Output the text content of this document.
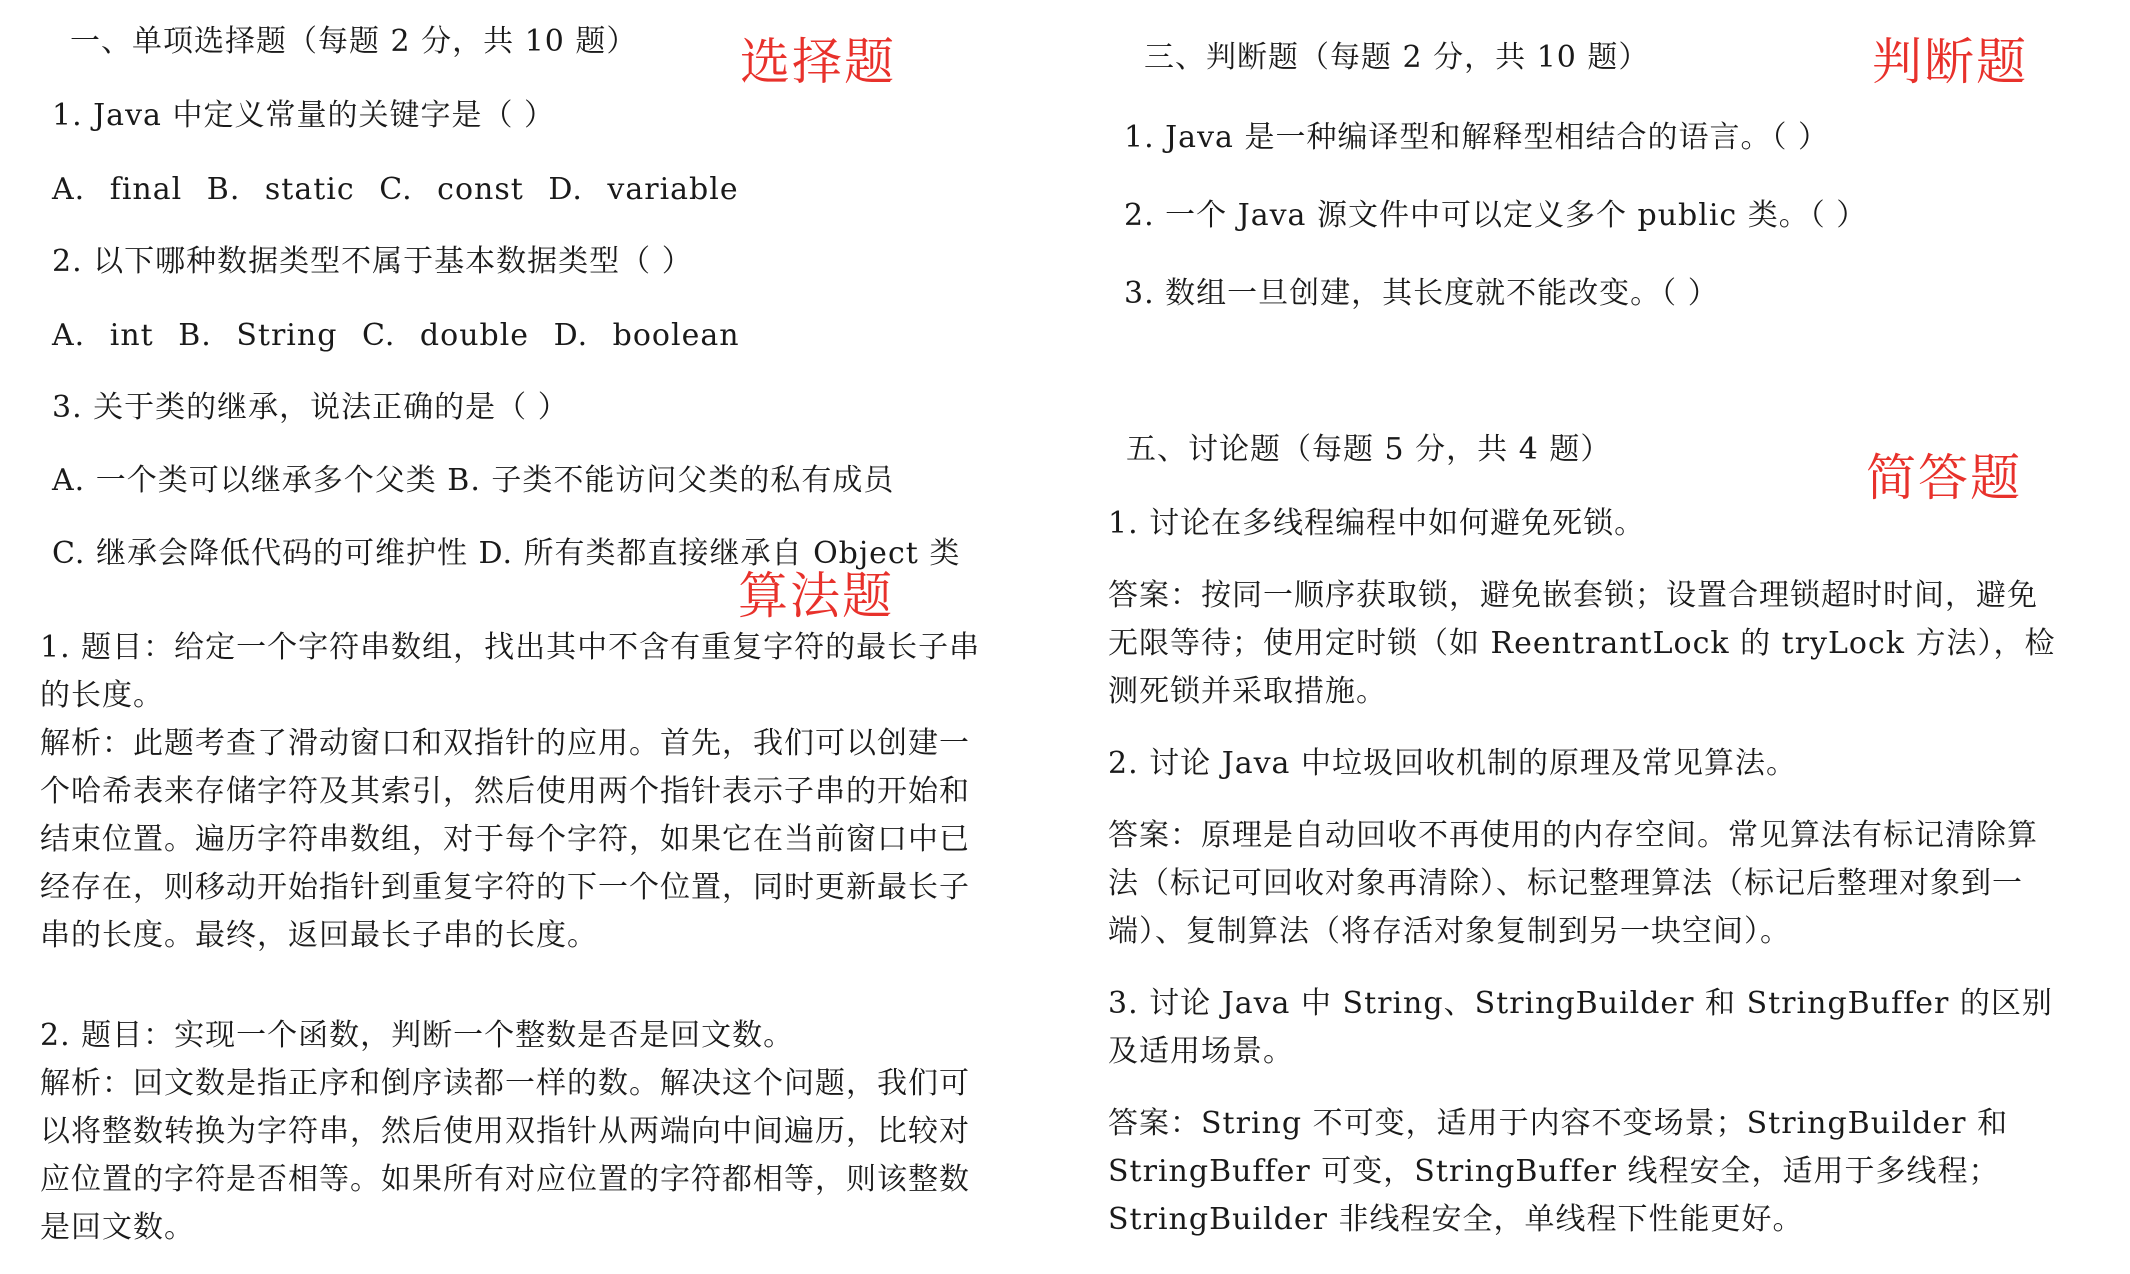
选择题	判断题
简答题
算法题
一、单项选择题（每题 2 分，共 10 题）
1. Java 中定义常量的关键字是（ ）
A. final B. static C. const D. variable
2. 以下哪种数据类型不属于基本数据类型（ ）
A. int B. String C. double D. boolean
3. 关于类的继承，说法正确的是（ ）
A. 一个类可以继承多个父类 B. 子类不能访问父类的私有成员
C. 继承会降低代码的可维护性 D. 所有类都直接继承自 Object 类
1. 题目：给定一个字符串数组，找出其中不含有重复字符的最长子串
的长度。
解析：此题考查了滑动窗口和双指针的应用。首先，我们可以创建一
个哈希表来存储字符及其索引，然后使用两个指针表示子串的开始和
结束位置。遍历字符串数组，对于每个字符，如果它在当前窗口中已
经存在，则移动开始指针到重复字符的下一个位置，同时更新最长子
串的长度。最终，返回最长子串的长度。
2. 题目：实现一个函数，判断一个整数是否是回文数。
解析：回文数是指正序和倒序读都一样的数。解决这个问题，我们可
以将整数转换为字符串，然后使用双指针从两端向中间遍历，比较对
应位置的字符是否相等。如果所有对应位置的字符都相等，则该整数
是回文数。
三、判断题（每题 2 分，共 10 题）
1. Java 是一种编译型和解释型相结合的语言。（ ）
2. 一个 Java 源文件中可以定义多个 public 类。（ ）
3. 数组一旦创建，其长度就不能改变。（ ）
五、讨论题（每题 5 分，共 4 题）
1. 讨论在多线程编程中如何避免死锁。
答案：按同一顺序获取锁，避免嵌套锁；设置合理锁超时时间，避免
无限等待；使用定时锁（如 ReentrantLock 的 tryLock 方法），检
测死锁并采取措施。
2. 讨论 Java 中垃圾回收机制的原理及常见算法。
答案：原理是自动回收不再使用的内存空间。常见算法有标记清除算
法（标记可回收对象再清除）、标记整理算法（标记后整理对象到一
端）、复制算法（将存活对象复制到另一块空间）。
3. 讨论 Java 中 String、StringBuilder 和 StringBuffer 的区别
及适用场景。
答案：String 不可变，适用于内容不变场景；StringBuilder 和
StringBuffer 可变，StringBuffer 线程安全，适用于多线程；
StringBuilder 非线程安全，单线程下性能更好。
